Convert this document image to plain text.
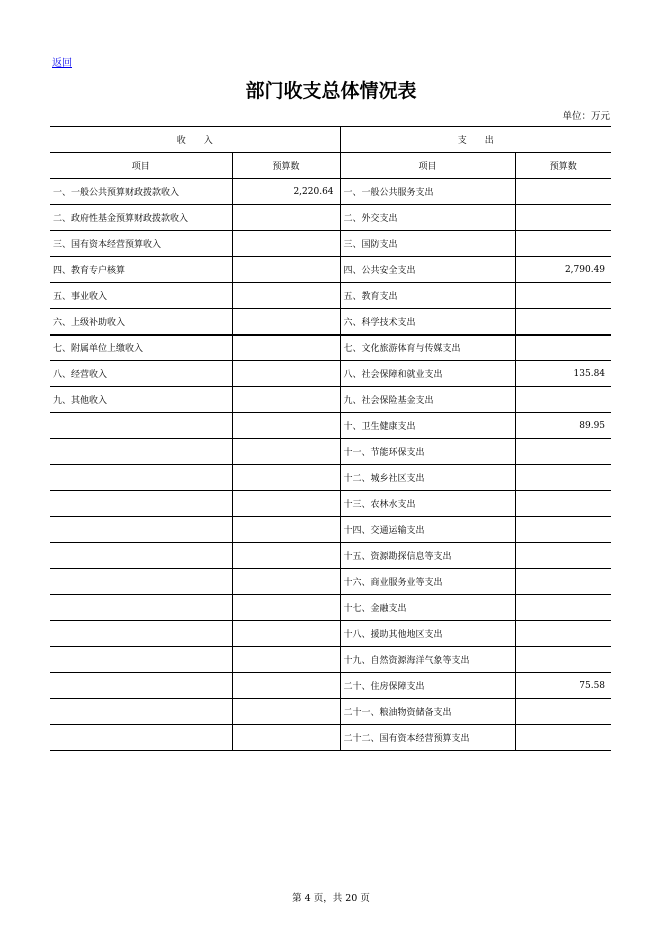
返回
部门收支总体情况表
单位：万元
收　　入		支　　出	
项目	预算数	项目	预算数
一、一般公共预算财政拨款收入	2,220.64	一、一般公共服务支出	
二、政府性基金预算财政拨款收入		二、外交支出	
三、国有资本经营预算收入		三、国防支出	
四、教育专户核算		四、公共安全支出	2,790.49
五、事业收入		五、教育支出	
六、上级补助收入		六、科学技术支出	
七、附属单位上缴收入		七、文化旅游体育与传媒支出	
八、经营收入		八、社会保障和就业支出	135.84
九、其他收入		九、社会保险基金支出	
		十、卫生健康支出	89.95
		十一、节能环保支出	
		十二、城乡社区支出	
		十三、农林水支出	
		十四、交通运输支出	
		十五、资源勘探信息等支出	
		十六、商业服务业等支出	
		十七、金融支出	
		十八、援助其他地区支出	
		十九、自然资源海洋气象等支出	
		二十、住房保障支出	75.58
		二十一、粮油物资储备支出	
		二十二、国有资本经营预算支出	
第 4 页，共 20 页
